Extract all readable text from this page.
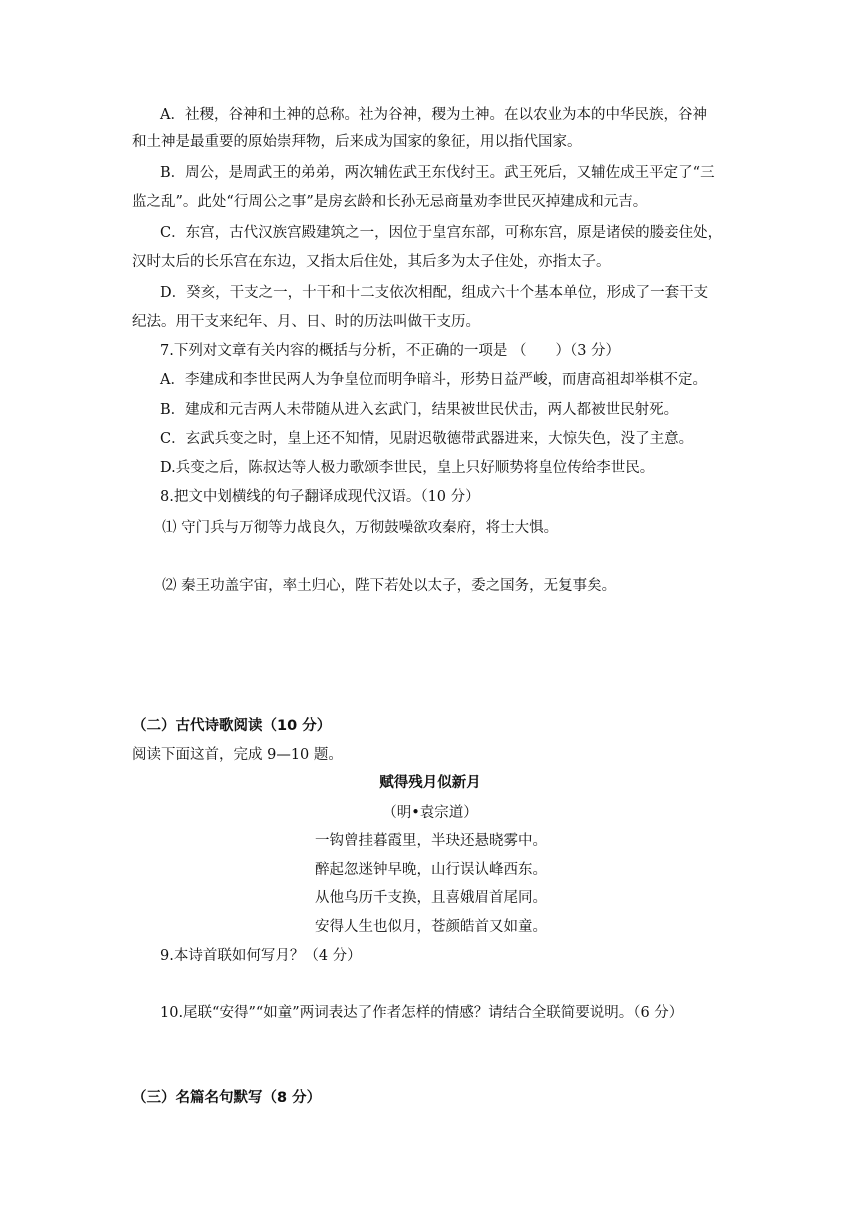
A．社稷，谷神和土神的总称。社为谷神，稷为土神。在以农业为本的中华民族，谷神
和土神是最重要的原始崇拜物，后来成为国家的象征，用以指代国家。
B．周公，是周武王的弟弟，两次辅佐武王东伐纣王。武王死后，又辅佐成王平定了“三
监之乱”。此处“行周公之事”是房玄龄和长孙无忌商量劝李世民灭掉建成和元吉。
C．东宫，古代汉族宫殿建筑之一，因位于皇宫东部，可称东宫，原是诸侯的媵妾住处，
汉时太后的长乐宫在东边，又指太后住处，其后多为太子住处，亦指太子。
D．癸亥，干支之一，十干和十二支依次相配，组成六十个基本单位，形成了一套干支
纪法。用干支来纪年、月、日、时的历法叫做干支历。
7.下列对文章有关内容的概括与分析，不正确的一项是 （　　）（3 分）
A．李建成和李世民两人为争皇位而明争暗斗，形势日益严峻，而唐高祖却举棋不定。
B．建成和元吉两人未带随从进入玄武门，结果被世民伏击，两人都被世民射死。
C．玄武兵变之时，皇上还不知情，见尉迟敬德带武器进来，大惊失色，没了主意。
D.兵变之后，陈叔达等人极力歌颂李世民，皇上只好顺势将皇位传给李世民。
8.把文中划横线的句子翻译成现代汉语。（10 分）
⑴ 守门兵与万彻等力战良久，万彻鼓噪欲攻秦府，将士大惧。
⑵ 秦王功盖宇宙，率土归心，陛下若处以太子，委之国务，无复事矣。
（二）古代诗歌阅读（10 分）
阅读下面这首，完成 9—10 题。
赋得残月似新月
（明•袁宗道）
一钩曾挂暮霞里，半玦还悬晓雾中。
醉起忽迷钟早晚，山行误认峰西东。
从他乌历千支换，且喜娥眉首尾同。
安得人生也似月，苍颜皓首又如童。
9.本诗首联如何写月？（4 分）
10.尾联“安得”“如童”两词表达了作者怎样的情感？请结合全联简要说明。（6 分）
（三）名篇名句默写（8 分）
